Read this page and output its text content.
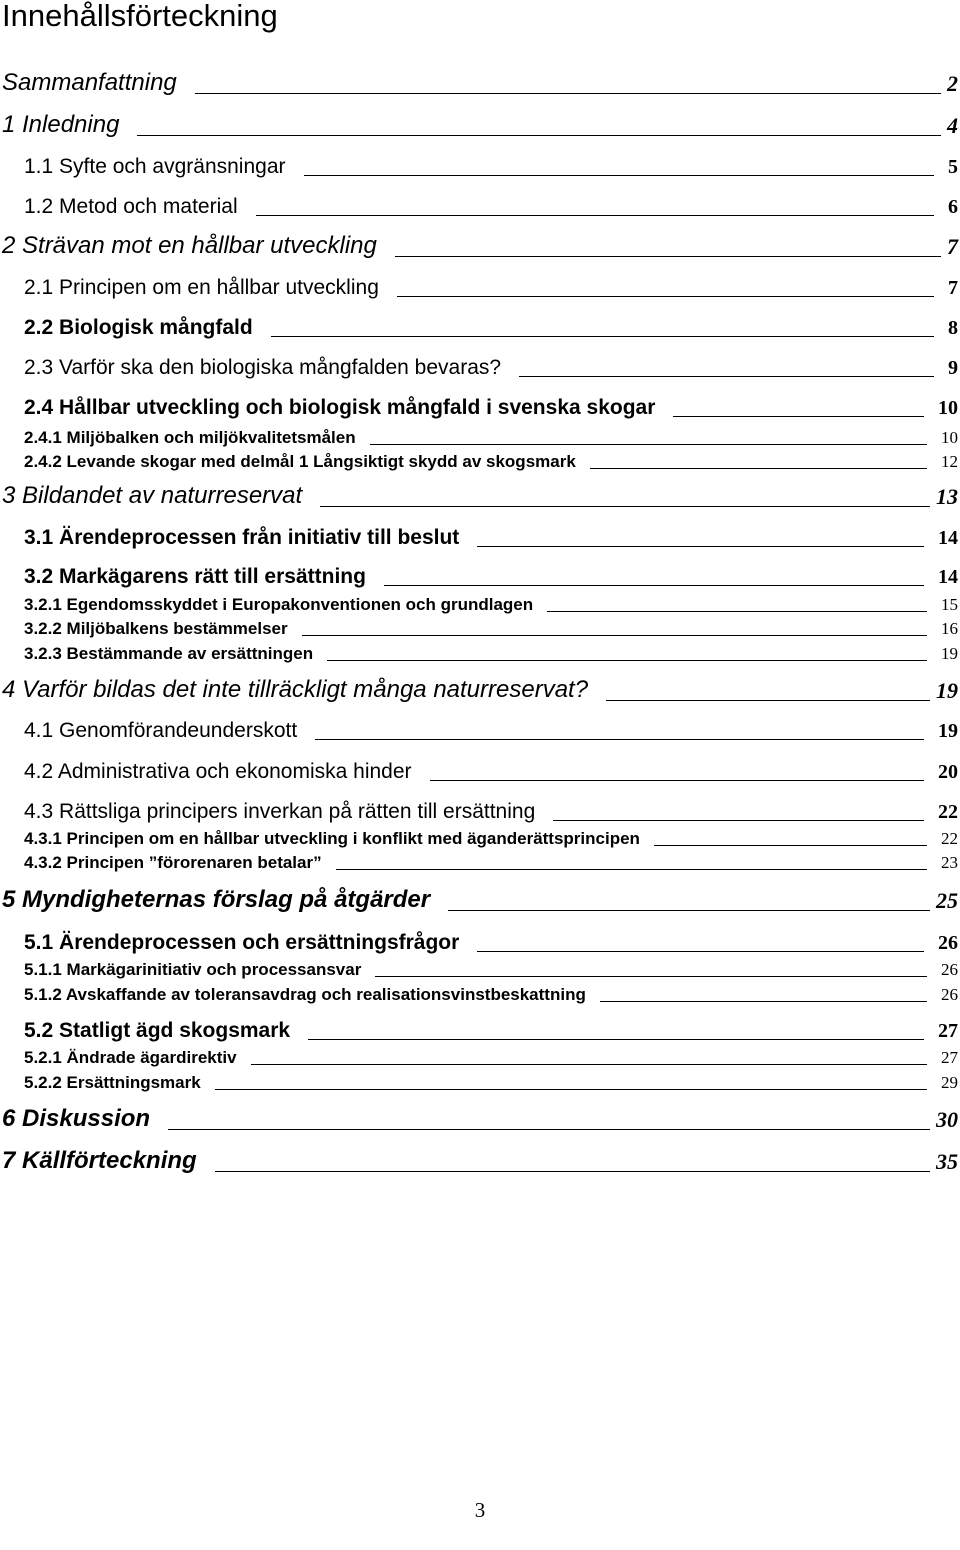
Innehållsförteckning
Sammanfattning	2
1 Inledning	4
1.1 Syfte och avgränsningar	5
1.2 Metod och material	6
2 Strävan mot en hållbar utveckling	7
2.1 Principen om en hållbar utveckling	7
2.2 Biologisk mångfald	8
2.3 Varför ska den biologiska mångfalden bevaras?	9
2.4 Hållbar utveckling och biologisk mångfald i svenska skogar	10
2.4.1 Miljöbalken och miljökvalitetsmålen	10
2.4.2 Levande skogar med delmål 1 Långsiktigt skydd av skogsmark	12
3 Bildandet av naturreservat	13
3.1 Ärendeprocessen från initiativ till beslut	14
3.2 Markägarens rätt till ersättning	14
3.2.1 Egendomsskyddet i Europakonventionen och grundlagen	15
3.2.2 Miljöbalkens bestämmelser	16
3.2.3 Bestämmande av ersättningen	19
4 Varför bildas det inte tillräckligt många naturreservat?	19
4.1 Genomförandeunderskott	19
4.2 Administrativa och ekonomiska hinder	20
4.3 Rättsliga principers inverkan på rätten till ersättning	22
4.3.1 Principen om en hållbar utveckling i konflikt med äganderättsprincipen	22
4.3.2 Principen ”förorenaren betalar”	23
5 Myndigheternas förslag på åtgärder	25
5.1 Ärendeprocessen och ersättningsfrågor	26
5.1.1 Markägarinitiativ och processansvar	26
5.1.2 Avskaffande av toleransavdrag och realisationsvinstbeskattning	26
5.2 Statligt ägd skogsmark	27
5.2.1 Ändrade ägardirektiv	27
5.2.2 Ersättningsmark	29
6 Diskussion	30
7 Källförteckning	35
3
